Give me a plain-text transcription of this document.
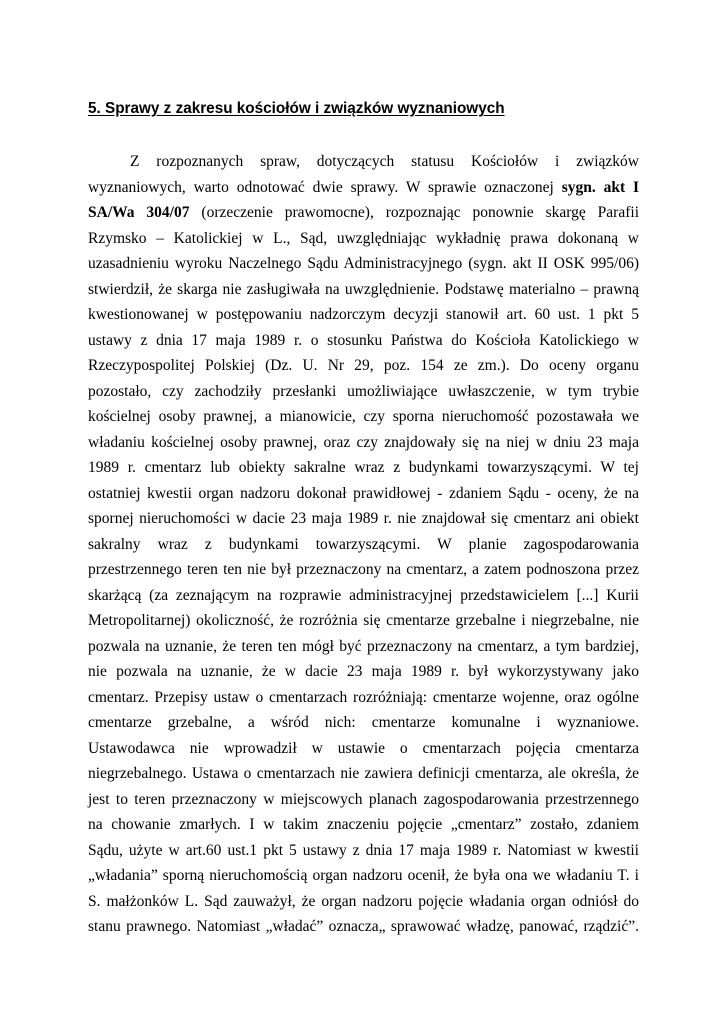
5. Sprawy z zakresu kościołów i związków wyznaniowych
Z rozpoznanych spraw, dotyczących statusu Kościołów i związków
wyznaniowych, warto odnotować dwie sprawy. W sprawie oznaczonej sygn. akt I
SA/Wa 304/07 (orzeczenie prawomocne), rozpoznając ponownie skargę Parafii
Rzymsko – Katolickiej w L., Sąd, uwzględniając wykładnię prawa dokonaną w
uzasadnieniu wyroku Naczelnego Sądu Administracyjnego (sygn. akt II OSK 995/06)
stwierdził, że skarga nie zasługiwała na uwzględnienie. Podstawę materialno – prawną
kwestionowanej w postępowaniu nadzorczym decyzji stanowił art. 60 ust. 1 pkt 5
ustawy z dnia 17 maja 1989 r. o stosunku Państwa do Kościoła Katolickiego w
Rzeczypospolitej Polskiej (Dz. U. Nr 29, poz. 154 ze zm.). Do oceny organu
pozostało, czy zachodziły przesłanki umożliwiające uwłaszczenie, w tym trybie
kościelnej osoby prawnej, a mianowicie, czy sporna nieruchomość pozostawała we
władaniu kościelnej osoby prawnej, oraz czy znajdowały się na niej w dniu 23 maja
1989 r. cmentarz lub obiekty sakralne wraz z budynkami towarzyszącymi. W tej
ostatniej kwestii organ nadzoru dokonał prawidłowej - zdaniem Sądu - oceny, że na
spornej nieruchomości w dacie 23 maja 1989 r. nie znajdował się cmentarz ani obiekt
sakralny wraz z budynkami towarzyszącymi. W planie zagospodarowania
przestrzennego teren ten nie był przeznaczony na cmentarz, a zatem podnoszona przez
skarżącą (za zeznającym na rozprawie administracyjnej przedstawicielem [...] Kurii
Metropolitarnej) okoliczność, że rozróżnia się cmentarze grzebalne i niegrzebalne, nie
pozwala na uznanie, że teren ten mógł być przeznaczony na cmentarz, a tym bardziej,
nie pozwala na uznanie, że w dacie 23 maja 1989 r. był wykorzystywany jako
cmentarz. Przepisy ustaw o cmentarzach rozróżniają: cmentarze wojenne, oraz ogólne
cmentarze grzebalne, a wśród nich: cmentarze komunalne i wyznaniowe.
Ustawodawca nie wprowadził w ustawie o cmentarzach pojęcia cmentarza
niegrzebalnego. Ustawa o cmentarzach nie zawiera definicji cmentarza, ale określa, że
jest to teren przeznaczony w miejscowych planach zagospodarowania przestrzennego
na chowanie zmarłych. I w takim znaczeniu pojęcie „cmentarz” zostało, zdaniem
Sądu, użyte w art.60 ust.1 pkt 5 ustawy z dnia 17 maja 1989 r. Natomiast w kwestii
„władania” sporną nieruchomością organ nadzoru ocenił, że była ona we władaniu T. i
S. małżonków L. Sąd zauważył, że organ nadzoru pojęcie władania organ odniósł do
stanu prawnego. Natomiast „władać” oznacza„ sprawować władzę, panować, rządzić”.
